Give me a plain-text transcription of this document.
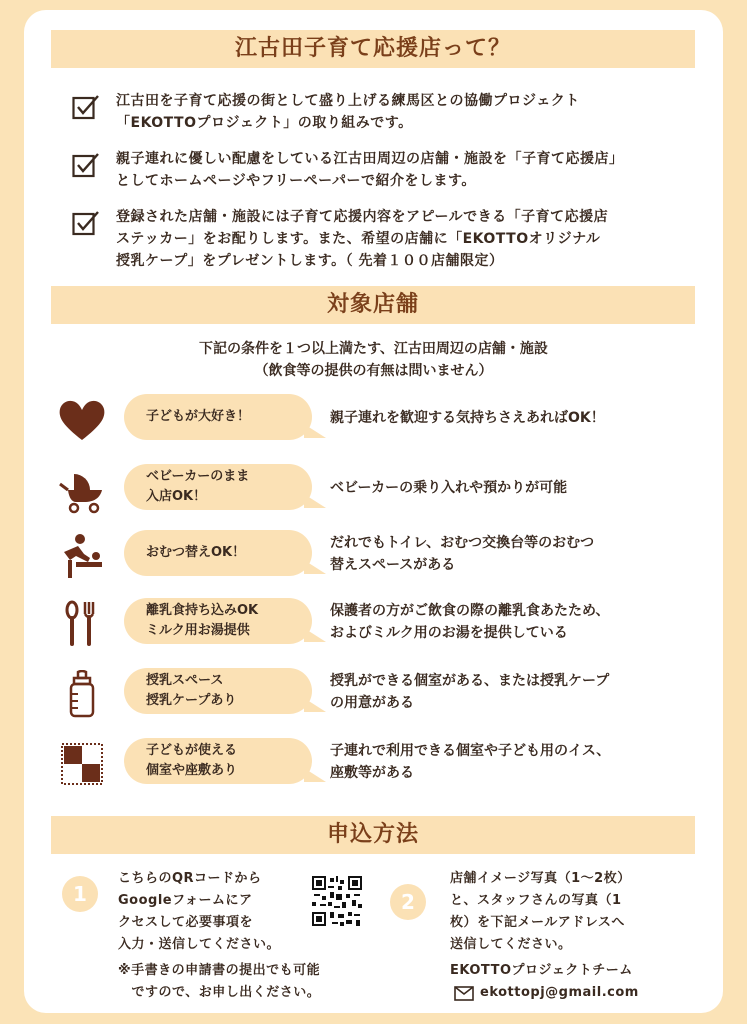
江古田子育て応援店って？
江古田を子育て応援の街として盛り上げる練馬区との協働プロジェクト
「EKOTTOプロジェクト」の取り組みです。
親子連れに優しい配慮をしている江古田周辺の店舗・施設を「子育て応援店」
としてホームページやフリーペーパーで紹介をします。
登録された店舗・施設には子育て応援内容をアピールできる「子育て応援店
ステッカー」をお配りします。また、希望の店舗に「EKOTTOオリジナル
授乳ケープ」をプレゼントします。（ 先着１００店舗限定）
対象店舗
下記の条件を１つ以上満たす、江古田周辺の店舗・施設
（飲食等の提供の有無は問いません）
子どもが大好き！	親子連れを歓迎する気持ちさえあればOK！
ベビーカーのまま
入店OK！
ベビーカーの乗り入れや預かりが可能
おむつ替えOK！
だれでもトイレ、おむつ交換台等のおむつ
替えスペースがある
離乳食持ち込みOK
ミルク用お湯提供
保護者の方がご飲食の際の離乳食あたため、
およびミルク用のお湯を提供している
授乳スペース
授乳ケープあり
授乳ができる個室がある、または授乳ケープ
の用意がある
子どもが使える
個室や座敷あり
子連れで利用できる個室や子ども用のイス、
座敷等がある
申込方法
1
こちらのQRコードから
Googleフォームにア
クセスして必要事項を
入力・送信してください。
※手書きの申請書の提出でも可能
　ですので、お申し出ください。
2
店舗イメージ写真（1〜2枚）
と、スタッフさんの写真（1
枚）を下記メールアドレスへ
送信してください。
EKOTTOプロジェクトチーム
ekottopj@gmail.com
